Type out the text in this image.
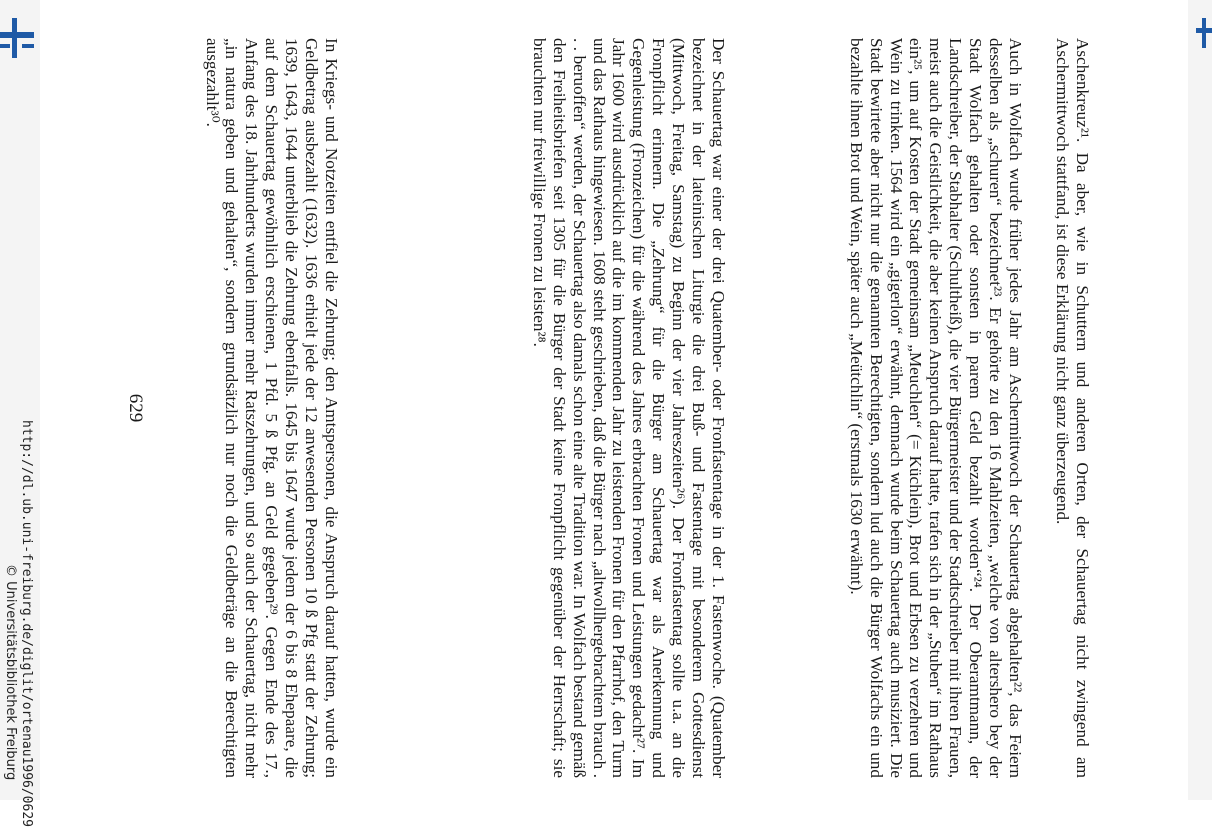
Aschenkreuz²¹. Da aber, wie in Schuttern und anderen Orten, der Schauertag nicht zwingend am Aschermittwoch stattfand, ist diese Erklärung nicht ganz überzeugend.

Auch in Wolfach wurde früher jedes Jahr am Aschermittwoch der Schauertag abgehalten²², das Feiern desselben als „schuren“ bezeichnet²³. Er gehörte zu den 16 Mahlzeiten, „welche von altershero bey der Stadt Wolfach gehalten oder sonsten in parem Geld bezahlt worden“²⁴. Der Oberamtmann, der Landschreiber, der Stabhalter (Schultheiß), die vier Bürgermeister und der Stadtschreiber mit ihren Frauen, meist auch die Geistlichkeit, die aber keinen Anspruch darauf hatte, trafen sich in der „Stuben“ im Rathaus ein²⁵, um auf Kosten der Stadt gemeinsam „Meuchlen“ (= Küchlein), Brot und Erbsen zu verzehren und Wein zu trinken. 1564 wird ein „gigerlon“ erwähnt, demnach wurde beim Schauertag auch musiziert. Die Stadt bewirtete aber nicht nur die genannten Berechtigten, sondern lud auch die Bürger Wolfachs ein und bezahlte ihnen Brot und Wein, später auch „Meütchlin“ (erstmals 1630 erwähnt).

Der Schauertag war einer der drei Quatember- oder Fronfastentage in der 1. Fastenwoche. (Quatember bezeichnet in der lateinischen Liturgie die drei Buß- und Fastentage mit besonderem Gottesdienst (Mittwoch, Freitag, Samstag) zu Beginn der vier Jahreszeiten²⁶). Der Fronfastentag sollte u.a. an die Fronpflicht erinnern. Die „Zehrung“ für die Bürger am Schauertag war als Anerkennung und Gegenleistung (Fronzeichen) für die während des Jahres erbrachten Fronen und Leistungen gedacht²⁷. Im Jahr 1600 wird ausdrücklich auf die im kommenden Jahr zu leistenden Fronen für den Pfarrhof, den Turm und das Rathaus hingewiesen. 1608 steht geschrieben, daß die Bürger nach „altwollhergebrachtem brauch . . . beruoffen“ werden, der Schauertag also damals schon eine alte Tradition war. In Wolfach bestand gemäß den Freiheitsbriefen seit 1305 für die Bürger der Stadt keine Fronpflicht gegenüber der Herrschaft; sie brauchten nur freiwillige Fronen zu leisten²⁸.

In Kriegs- und Notzeiten entfiel die Zehrung; den Amtspersonen, die Anspruch darauf hatten, wurde ein Geldbetrag ausbezahlt (1632). 1636 erhielt jede der 12 anwesenden Personen 10 ß Pfg statt der Zehrung; 1639, 1643, 1644 unterblieb die Zehrung ebenfalls. 1645 bis 1647 wurde jedem der 6 bis 8 Ehepaare, die auf dem Schauertag gewöhnlich erschienen, 1 Pfd. 5 ß Pfg. an Geld gegeben²⁹. Gegen Ende des 17., Anfang des 18. Jahrhunderts wurden immer mehr Ratszehrungen, und so auch der Schauertag, nicht mehr „in natura geben und gehalten“, sondern grundsätzlich nur noch die Geldbeträge an die Berechtigten ausgezahlt³⁰.

629
http://dl.ub.uni-freiburg.de/diglit/ortenau1996/0629
© Universitätsbibliothek Freiburg
